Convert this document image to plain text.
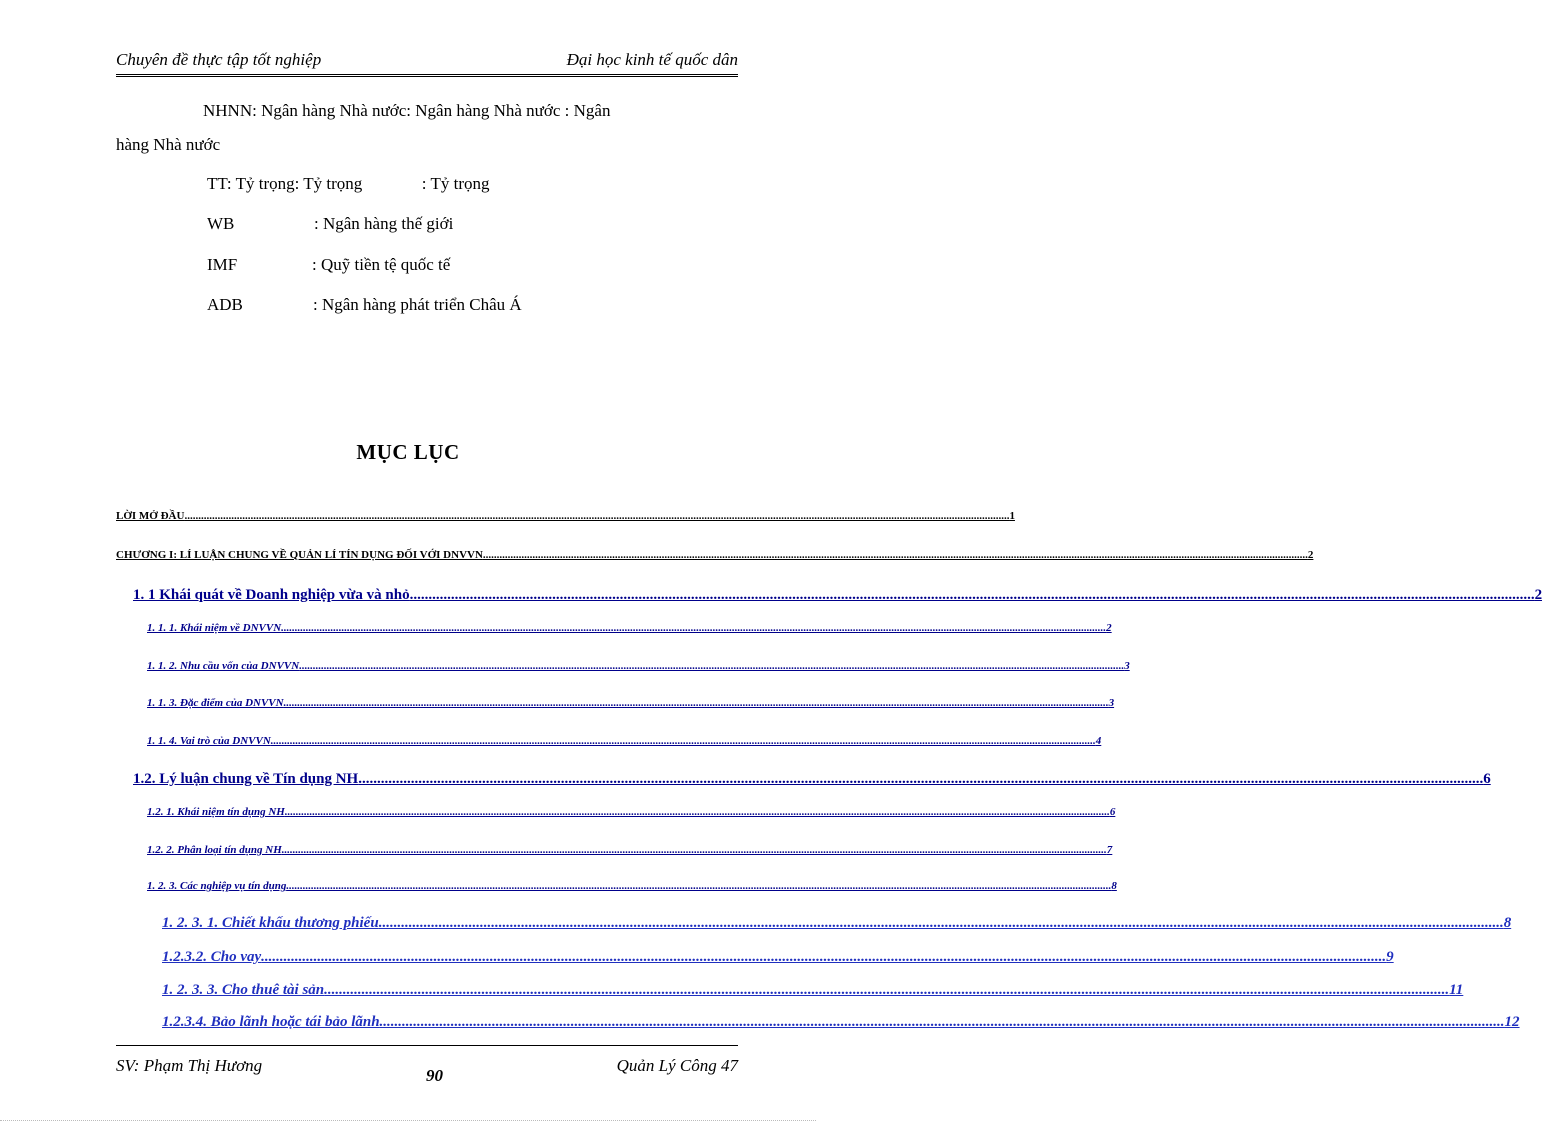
Chuyên đề thực tập tốt nghiệp	Đại học kinh tế quốc dân
NHNN: Ngân hàng Nhà nước: Ngân hàng Nhà nước : Ngân
hàng Nhà nước
TT: Tỷ trọng: Tỷ trọng              : Tỷ trọng
WB	: Ngân hàng thế giới
IMF	: Quỹ tiền tệ quốc tế
ADB	: Ngân hàng phát triển Châu Á
MỤC LỤC
LỜI MỞ ĐẦU ............................................................................................................................................................................................................................................................................................................ 1
CHƯƠNG I: LÍ LUẬN CHUNG VỀ QUẢN LÍ TÍN DỤNG ĐỐI VỚI DNVVN ............................................................................................................................................................................................................................................................................................................ 2
1. 1 Khái quát về Doanh nghiệp vừa và nhỏ ............................................................................................................................................................................................................................................................................................................ 2
1. 1. 1. Khái niệm về DNVVN ............................................................................................................................................................................................................................................................................................................ 2
1. 1. 2. Nhu cầu vốn của DNVVN ............................................................................................................................................................................................................................................................................................................ 3
1. 1. 3. Đặc điểm của DNVVN ............................................................................................................................................................................................................................................................................................................ 3
1. 1. 4. Vai trò của DNVVN ............................................................................................................................................................................................................................................................................................................ 4
1.2. Lý luận chung về Tín dụng NH ............................................................................................................................................................................................................................................................................................................ 6
1.2. 1. Khái niệm tín dụng NH ............................................................................................................................................................................................................................................................................................................ 6
1.2. 2. Phân loại tín dụng NH ............................................................................................................................................................................................................................................................................................................ 7
1. 2. 3. Các nghiệp vụ tín dụng ............................................................................................................................................................................................................................................................................................................ 8
1. 2. 3. 1. Chiết khấu thương phiếu ............................................................................................................................................................................................................................................................................................................ 8
1.2.3.2. Cho vay ............................................................................................................................................................................................................................................................................................................ 9
1. 2. 3. 3. Cho thuê tài sản ............................................................................................................................................................................................................................................................................................................ 11
1.2.3.4. Bảo lãnh hoặc tái bảo lãnh ............................................................................................................................................................................................................................................................................................................ 12
SV: Phạm Thị Hương
90
Quản Lý Công 47
